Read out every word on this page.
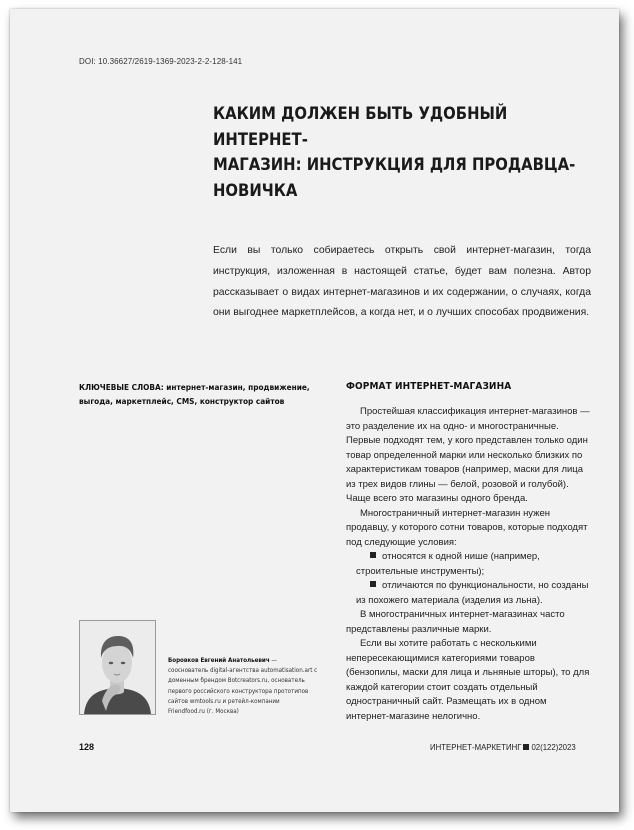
DOI: 10.36627/2619-1369-2023-2-2-128-141
КАКИМ ДОЛЖЕН БЫТЬ УДОБНЫЙ ИНТЕРНЕТ-
МАГАЗИН: ИНСТРУКЦИЯ ДЛЯ ПРОДАВЦА-
НОВИЧКА

Если вы только собираетесь открыть свой интернет-магазин, тогда инструкция, изложенная в настоящей статье, будет вам полезна. Автор рассказывает о видах интернет-магазинов и их содержании, о случаях, когда они выгоднее маркетплейсов, а когда нет, и о лучших способах продвижения.

КЛЮЧЕВЫЕ СЛОВА: интернет-магазин, продвижение, выгода, маркетплейс, CMS, конструктор сайтов

ФОРМАТ ИНТЕРНЕТ-МАГАЗИНА

Простейшая классификация интернет-магазинов — это разделение их на одно- и многостраничные. Первые подходят тем, у кого представлен только один товар определенной марки или несколько близких по характеристикам товаров (например, маски для лица из трех видов глины — белой, розовой и голубой). Чаще всего это магазины одного бренда.

Многостраничный интернет-магазин нужен продавцу, у которого сотни товаров, которые подходят под следующие условия:

относятся к одной нише (например, строительные инструменты);

отличаются по функциональности, но созданы из похожего материала (изделия из льна).

В многостраничных интернет-магазинах часто представлены различные марки.

Если вы хотите работать с несколькими непересекающимися категориями товаров (бензопилы, маски для лица и льняные шторы), то для каждой категории стоит создать отдельный одностраничный сайт. Размещать их в одном интернет-магазине нелогично.

Боровков Евгений Анатольевич — сооснователь digital-агентства automatisation.art с доменным брендом Botcreators.ru, основатель первого российского конструктора прототипов сайтов wmtools.ru и ретейл-компании Friendfood.ru (г. Москва)

128	ИНТЕРНЕТ-МАРКЕТИНГ 02(122)2023
